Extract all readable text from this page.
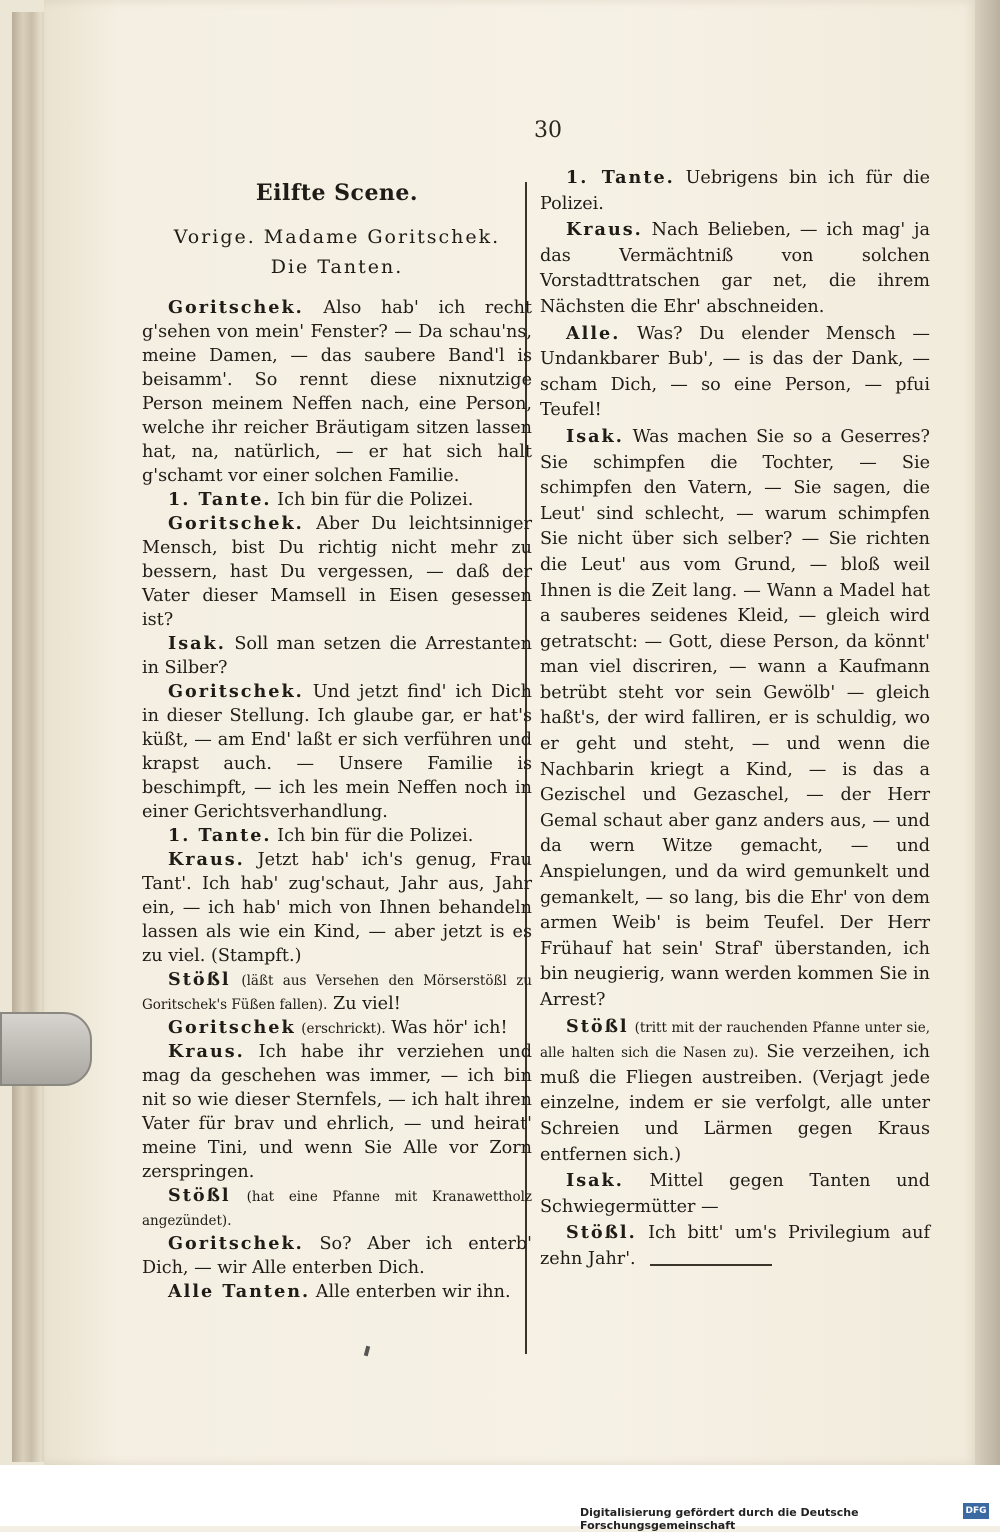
30
Eilfte Scene.

Vorige. Madame Goritschek.

Die Tanten.

Goritschek. Also hab' ich recht g'sehen von mein' Fenster? — Da schau'ns, meine Damen, — das saubere Band'l is beisamm'. So rennt diese nixnutzige Person meinem Neffen nach, eine Person, welche ihr reicher Bräutigam sitzen lassen hat, na, natürlich, — er hat sich halt g'schamt vor einer solchen Familie.

1. Tante. Ich bin für die Polizei.

Goritschek. Aber Du leichtsinniger Mensch, bist Du richtig nicht mehr zu bessern, hast Du vergessen, — daß der Vater dieser Mamsell in Eisen gesessen ist?

Isak. Soll man setzen die Arrestanten in Silber?

Goritschek. Und jetzt find' ich Dich in dieser Stellung. Ich glaube gar, er hat's küßt, — am End' laßt er sich verführen und krapst auch. — Unsere Familie is beschimpft, — ich les mein Neffen noch in einer Gerichtsverhandlung.

1. Tante. Ich bin für die Polizei.

Kraus. Jetzt hab' ich's genug, Frau Tant'. Ich hab' zug'schaut, Jahr aus, Jahr ein, — ich hab' mich von Ihnen behandeln lassen als wie ein Kind, — aber jetzt is es zu viel. (Stampft.)

Stößl (läßt aus Versehen den Mörserstößl zu Goritschek's Füßen fallen). Zu viel!

Goritschek (erschrickt). Was hör' ich!

Kraus. Ich habe ihr verziehen und mag da geschehen was immer, — ich bin nit so wie dieser Sternfels, — ich halt ihren Vater für brav und ehrlich, — und heirat' meine Tini, und wenn Sie Alle vor Zorn zerspringen.

Stößl (hat eine Pfanne mit Kranawettholz angezündet).

Goritschek. So? Aber ich enterb' Dich, — wir Alle enterben Dich.

Alle Tanten. Alle enterben wir ihn.

1. Tante. Uebrigens bin ich für die Polizei.

Kraus. Nach Belieben, — ich mag' ja das Vermächtniß von solchen Vorstadttratschen gar net, die ihrem Nächsten die Ehr' abschneiden.

Alle. Was? Du elender Mensch — Undankbarer Bub', — is das der Dank, — scham Dich, — so eine Person, — pfui Teufel!

Isak. Was machen Sie so a Geserres? Sie schimpfen die Tochter, — Sie schimpfen den Vatern, — Sie sagen, die Leut' sind schlecht, — warum schimpfen Sie nicht über sich selber? — Sie richten die Leut' aus vom Grund, — bloß weil Ihnen is die Zeit lang. — Wann a Madel hat a sauberes seidenes Kleid, — gleich wird getratscht: — Gott, diese Person, da könnt' man viel discriren, — wann a Kaufmann betrübt steht vor sein Gewölb' — gleich haßt's, der wird falliren, er is schuldig, wo er geht und steht, — und wenn die Nachbarin kriegt a Kind, — is das a Gezischel und Gezaschel, — der Herr Gemal schaut aber ganz anders aus, — und da wern Witze gemacht, — und Anspielungen, und da wird gemunkelt und gemankelt, — so lang, bis die Ehr' von dem armen Weib' is beim Teufel. Der Herr Frühauf hat sein' Straf' überstanden, ich bin neugierig, wann werden kommen Sie in Arrest?

Stößl (tritt mit der rauchenden Pfanne unter sie, alle halten sich die Nasen zu). Sie verzeihen, ich muß die Fliegen austreiben. (Verjagt jede einzelne, indem er sie verfolgt, alle unter Schreien und Lärmen gegen Kraus entfernen sich.)

Isak. Mittel gegen Tanten und Schwiegermütter —

Stößl. Ich bitt' um's Privilegium auf zehn Jahr'.

Digitalisierung gefördert durch die Deutsche Forschungsgemeinschaft
DFG
